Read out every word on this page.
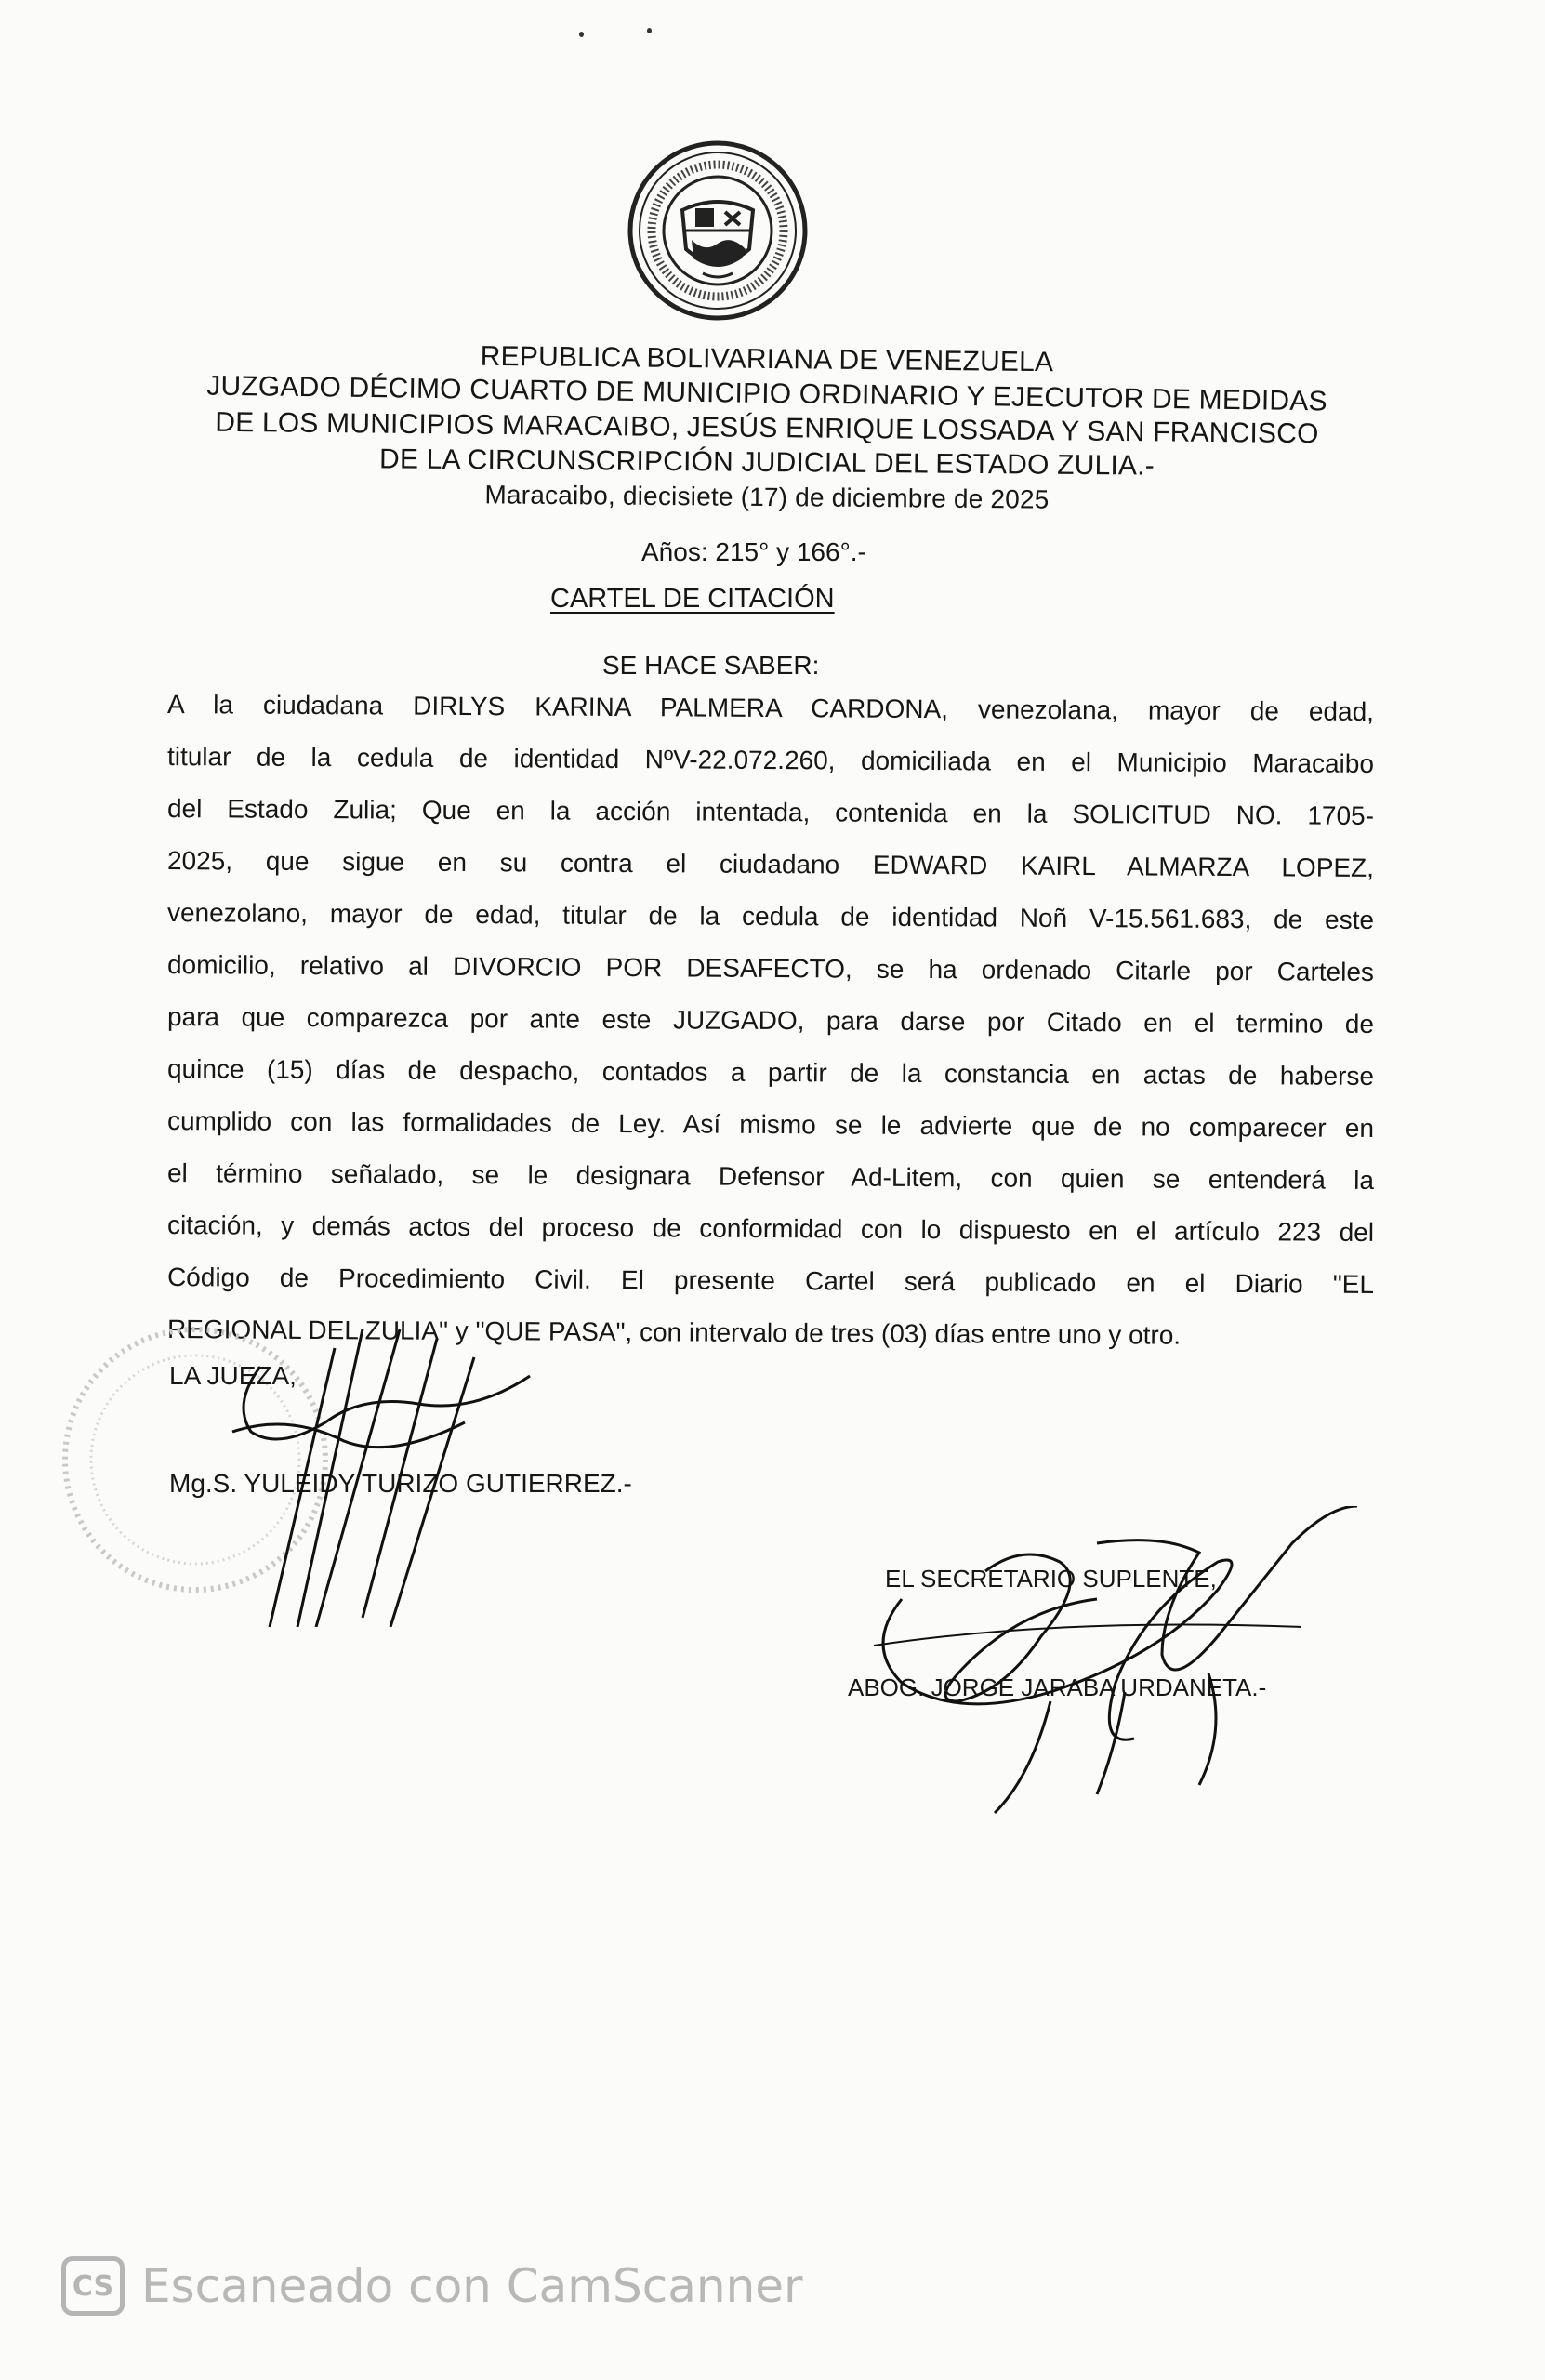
REPUBLICA BOLIVARIANA DE VENEZUELA
JUZGADO DÉCIMO CUARTO DE MUNICIPIO ORDINARIO Y EJECUTOR DE MEDIDAS
DE LOS MUNICIPIOS MARACAIBO, JESÚS ENRIQUE LOSSADA Y SAN FRANCISCO
DE LA CIRCUNSCRIPCIÓN JUDICIAL DEL ESTADO ZULIA.-
Maracaibo, diecisiete (17) de diciembre de 2025
Años: 215° y 166°.-
CARTEL DE CITACIÓN
SE HACE SABER:
A la ciudadana DIRLYS KARINA PALMERA CARDONA, venezolana, mayor de edad,
titular de la cedula de identidad NºV-22.072.260, domiciliada en el Municipio Maracaibo
del Estado Zulia; Que en la acción intentada, contenida en la SOLICITUD NO. 1705-
2025, que sigue en su contra el ciudadano EDWARD KAIRL ALMARZA LOPEZ,
venezolano, mayor de edad, titular de la cedula de identidad Noñ V-15.561.683, de este
domicilio, relativo al DIVORCIO POR DESAFECTO, se ha ordenado Citarle por Carteles
para que comparezca por ante este JUZGADO, para darse por Citado en el termino de
quince (15) días de despacho, contados a partir de la constancia en actas de haberse
cumplido con las formalidades de Ley. Así mismo se le advierte que de no comparecer en
el término señalado, se le designara Defensor Ad-Litem, con quien se entenderá la
citación, y demás actos del proceso de conformidad con lo dispuesto en el artículo 223 del
Código de Procedimiento Civil. El presente Cartel será publicado en el Diario "EL
REGIONAL DEL ZULIA" y "QUE PASA", con intervalo de tres (03) días entre uno y otro.
LA JUEZA,
Mg.S. YULEIDY TURIZO GUTIERREZ.-
EL SECRETARIO SUPLENTE,
ABOG. JORGE JARABA URDANETA.-
CS Escaneado con CamScanner
